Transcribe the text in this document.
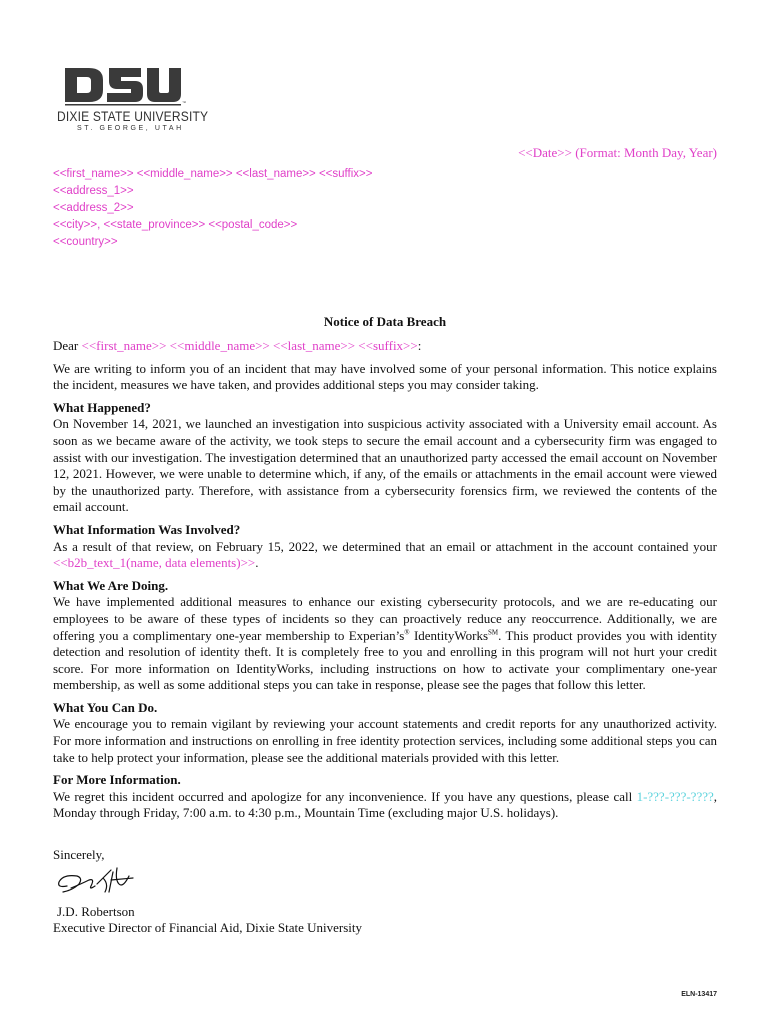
™
DIXIE STATE UNIVERSITY
ST. GEORGE, UTAH
<<Date>> (Format: Month Day, Year)
<<first_name>> <<middle_name>> <<last_name>> <<suffix>>
<<address_1>>
<<address_2>>
<<city>>, <<state_province>> <<postal_code>>
<<country>>
Notice of Data Breach

Dear <<first_name>> <<middle_name>> <<last_name>> <<suffix>>:

We are writing to inform you of an incident that may have involved some of your personal information. This notice explains the incident, measures we have taken, and provides additional steps you may consider taking.

What Happened?

On November 14, 2021, we launched an investigation into suspicious activity associated with a University email account. As soon as we became aware of the activity, we took steps to secure the email account and a cybersecurity firm was engaged to assist with our investigation. The investigation determined that an unauthorized party accessed the email account on November 12, 2021. However, we were unable to determine which, if any, of the emails or attachments in the email account were viewed by the unauthorized party. Therefore, with assistance from a cybersecurity forensics firm, we reviewed the contents of the email account.

What Information Was Involved?

As a result of that review, on February 15, 2022, we determined that an email or attachment in the account contained your <<b2b_text_1(name, data elements)>>.

What We Are Doing.

We have implemented additional measures to enhance our existing cybersecurity protocols, and we are re-educating our employees to be aware of these types of incidents so they can proactively reduce any reoccurrence. Additionally, we are offering you a complimentary one-year membership to Experian’s® IdentityWorks℠. This product provides you with identity detection and resolution of identity theft. It is completely free to you and enrolling in this program will not hurt your credit score. For more information on IdentityWorks, including instructions on how to activate your complimentary one-year membership, as well as some additional steps you can take in response, please see the pages that follow this letter.

What You Can Do.

We encourage you to remain vigilant by reviewing your account statements and credit reports for any unauthorized activity. For more information and instructions on enrolling in free identity protection services, including some additional steps you can take to help protect your information, please see the additional materials provided with this letter.

For More Information.

We regret this incident occurred and apologize for any inconvenience. If you have any questions, please call 1-???-???-????, Monday through Friday, 7:00 a.m. to 4:30 p.m., Mountain Time (excluding major U.S. holidays).

Sincerely,
J.D. Robertson
Executive Director of Financial Aid, Dixie State University
ELN-13417
